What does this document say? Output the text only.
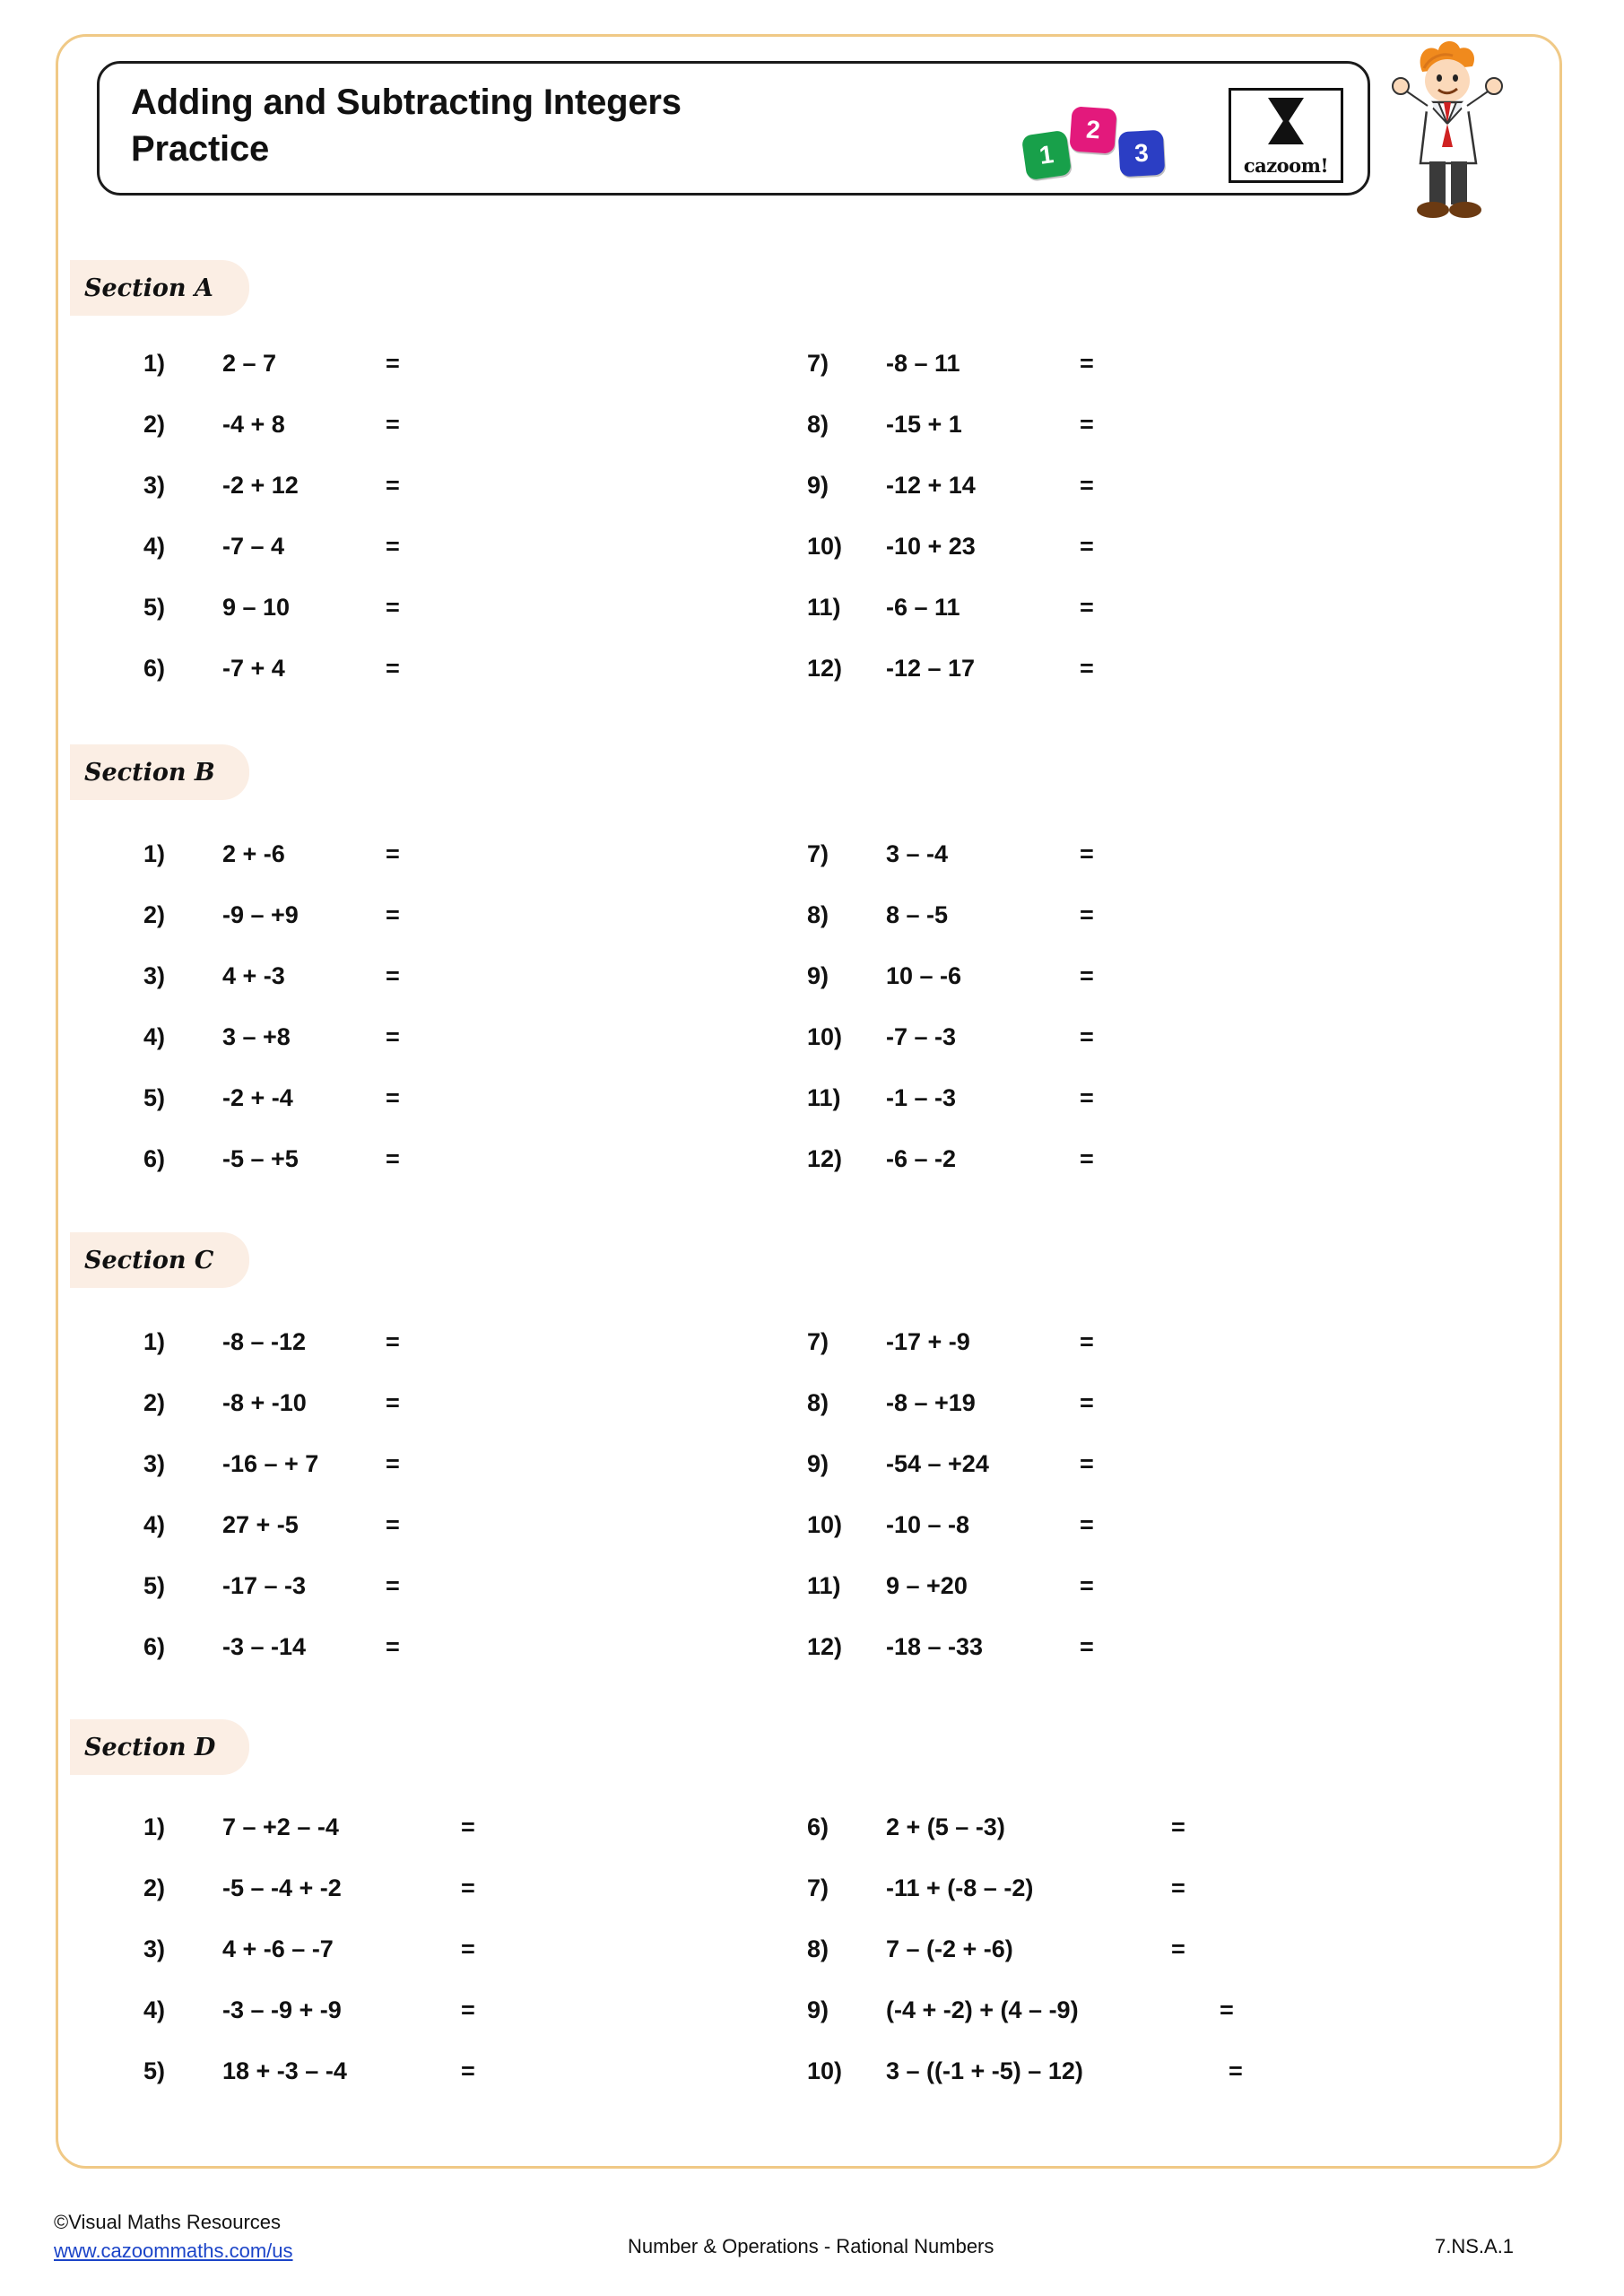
Adding and Subtracting Integers Practice	1
2
3	cazoom!
Section A
1)	2 – 7	=
2)	-4 + 8	=
3)	-2 + 12	=
4)	-7 – 4	=
5)	9 – 10	=
6)	-7 + 4	=
7)	-8 – 11	=
8)	-15 + 1	=
9)	-12 + 14	=
10)	-10 + 23	=
11)	-6 – 11	=
12)	-12 – 17	=
Section B
1)	2 + -6	=
2)	-9 – +9	=
3)	4 + -3	=
4)	3 – +8	=
5)	-2 + -4	=
6)	-5 – +5	=
7)	3 – -4	=
8)	8 – -5	=
9)	10 – -6	=
10)	-7 – -3	=
11)	-1 – -3	=
12)	-6 – -2	=
Section C
1)	-8 – -12	=
2)	-8 + -10	=
3)	-16 – + 7	=
4)	27 + -5	=
5)	-17 – -3	=
6)	-3 – -14	=
7)	-17 + -9	=
8)	-8 – +19	=
9)	-54 – +24	=
10)	-10 – -8	=
11)	9 – +20	=
12)	-18 – -33	=
Section D
1)	7 – +2 – -4	=
2)	-5 – -4 + -2	=
3)	4 + -6 – -7	=
4)	-3 – -9 + -9	=
5)	18 + -3 – -4	=
6)	2 + (5 – -3)	=
7)	-11 + (-8 – -2)	=
8)	7 – (-2 + -6)	=
9)	(-4 + -2) + (4 – -9)	=
10)	3 – ((-1 + -5) – 12)	=
©Visual Maths Resources
www.cazoommaths.com/us	Number & Operations - Rational Numbers	7.NS.A.1
